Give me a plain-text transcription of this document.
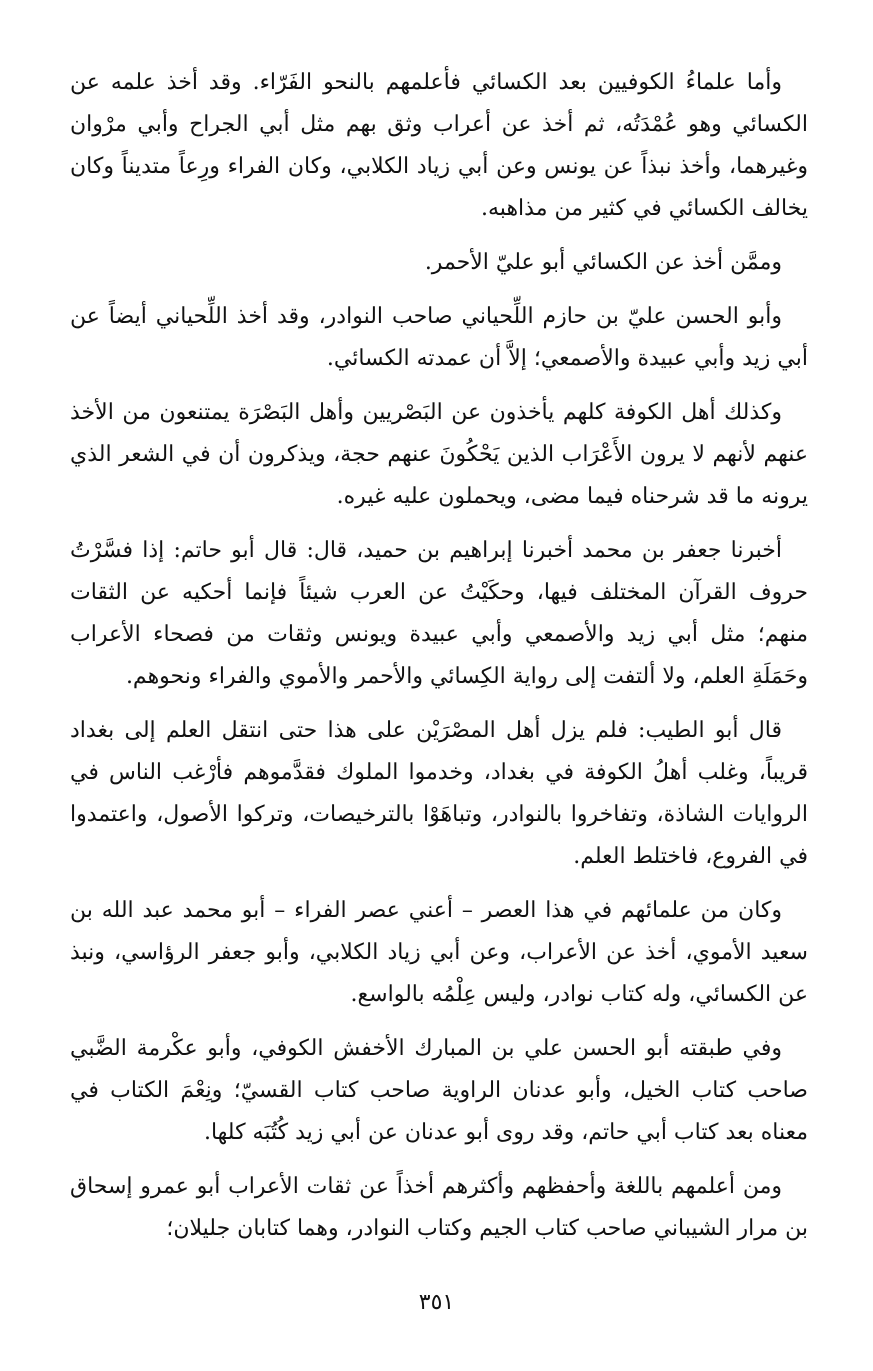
وأما علماءُ الكوفيين بعد الكسائي فأعلمهم بالنحو الفَرّاء. وقد أخذ علمه عن الكسائي وهو عُمْدَتُه، ثم أخذ عن أعراب وثق بهم مثل أبي الجراح وأبي مرْوان وغيرهما، وأخذ نبذاً عن يونس وعن أبي زياد الكلابي، وكان الفراء ورِعاً متديناً وكان يخالف الكسائي في كثير من مذاهبه.

وممَّن أخذ عن الكسائي أبو عليّ الأحمر.

وأبو الحسن عليّ بن حازم اللِّحياني صاحب النوادر، وقد أخذ اللِّحياني أيضاً عن أبي زيد وأبي عبيدة والأصمعي؛ إلاَّ أن عمدته الكسائي.

وكذلك أهل الكوفة كلهم يأخذون عن البَصْريين وأهل البَصْرَة يمتنعون من الأخذ عنهم لأنهم لا يرون الأَعْرَاب الذين يَحْكُونَ عنهم حجة، ويذكرون أن في الشعر الذي يرونه ما قد شرحناه فيما مضى، ويحملون عليه غيره.

أخبرنا جعفر بن محمد أخبرنا إبراهيم بن حميد، قال: قال أبو حاتم: إذا فسَّرْتُ حروف القرآن المختلف فيها، وحكَيْتُ عن العرب شيئاً فإنما أحكيه عن الثقات منهم؛ مثل أبي زيد والأصمعي وأبي عبيدة ويونس وثقات من فصحاء الأعراب وحَمَلَةِ العلم، ولا ألتفت إلى رواية الكِسائي والأحمر والأموي والفراء ونحوهم.

قال أبو الطيب: فلم يزل أهل المصْرَيْن على هذا حتى انتقل العلم إلى بغداد قريباً، وغلب أهلُ الكوفة في بغداد، وخدموا الملوك فقدَّموهم فأرْغب الناس في الروايات الشاذة، وتفاخروا بالنوادر، وتباهَوْا بالترخيصات، وتركوا الأصول، واعتمدوا في الفروع، فاختلط العلم.

وكان من علمائهم في هذا العصر – أعني عصر الفراء – أبو محمد عبد الله بن سعيد الأموي، أخذ عن الأعراب، وعن أبي زياد الكلابي، وأبو جعفر الرؤاسي، ونبذ عن الكسائي، وله كتاب نوادر، وليس عِلْمُه بالواسع.

وفي طبقته أبو الحسن علي بن المبارك الأخفش الكوفي، وأبو عكْرمة الضَّبي صاحب كتاب الخيل، وأبو عدنان الراوية صاحب كتاب القسيّ؛ ونِعْمَ الكتاب في معناه بعد كتاب أبي حاتم، وقد روى أبو عدنان عن أبي زيد كُتُبَه كلها.

ومن أعلمهم باللغة وأحفظهم وأكثرهم أخذاً عن ثقات الأعراب أبو عمرو إسحاق بن مرار الشيباني صاحب كتاب الجيم وكتاب النوادر، وهما كتابان جليلان؛

٣٥١
